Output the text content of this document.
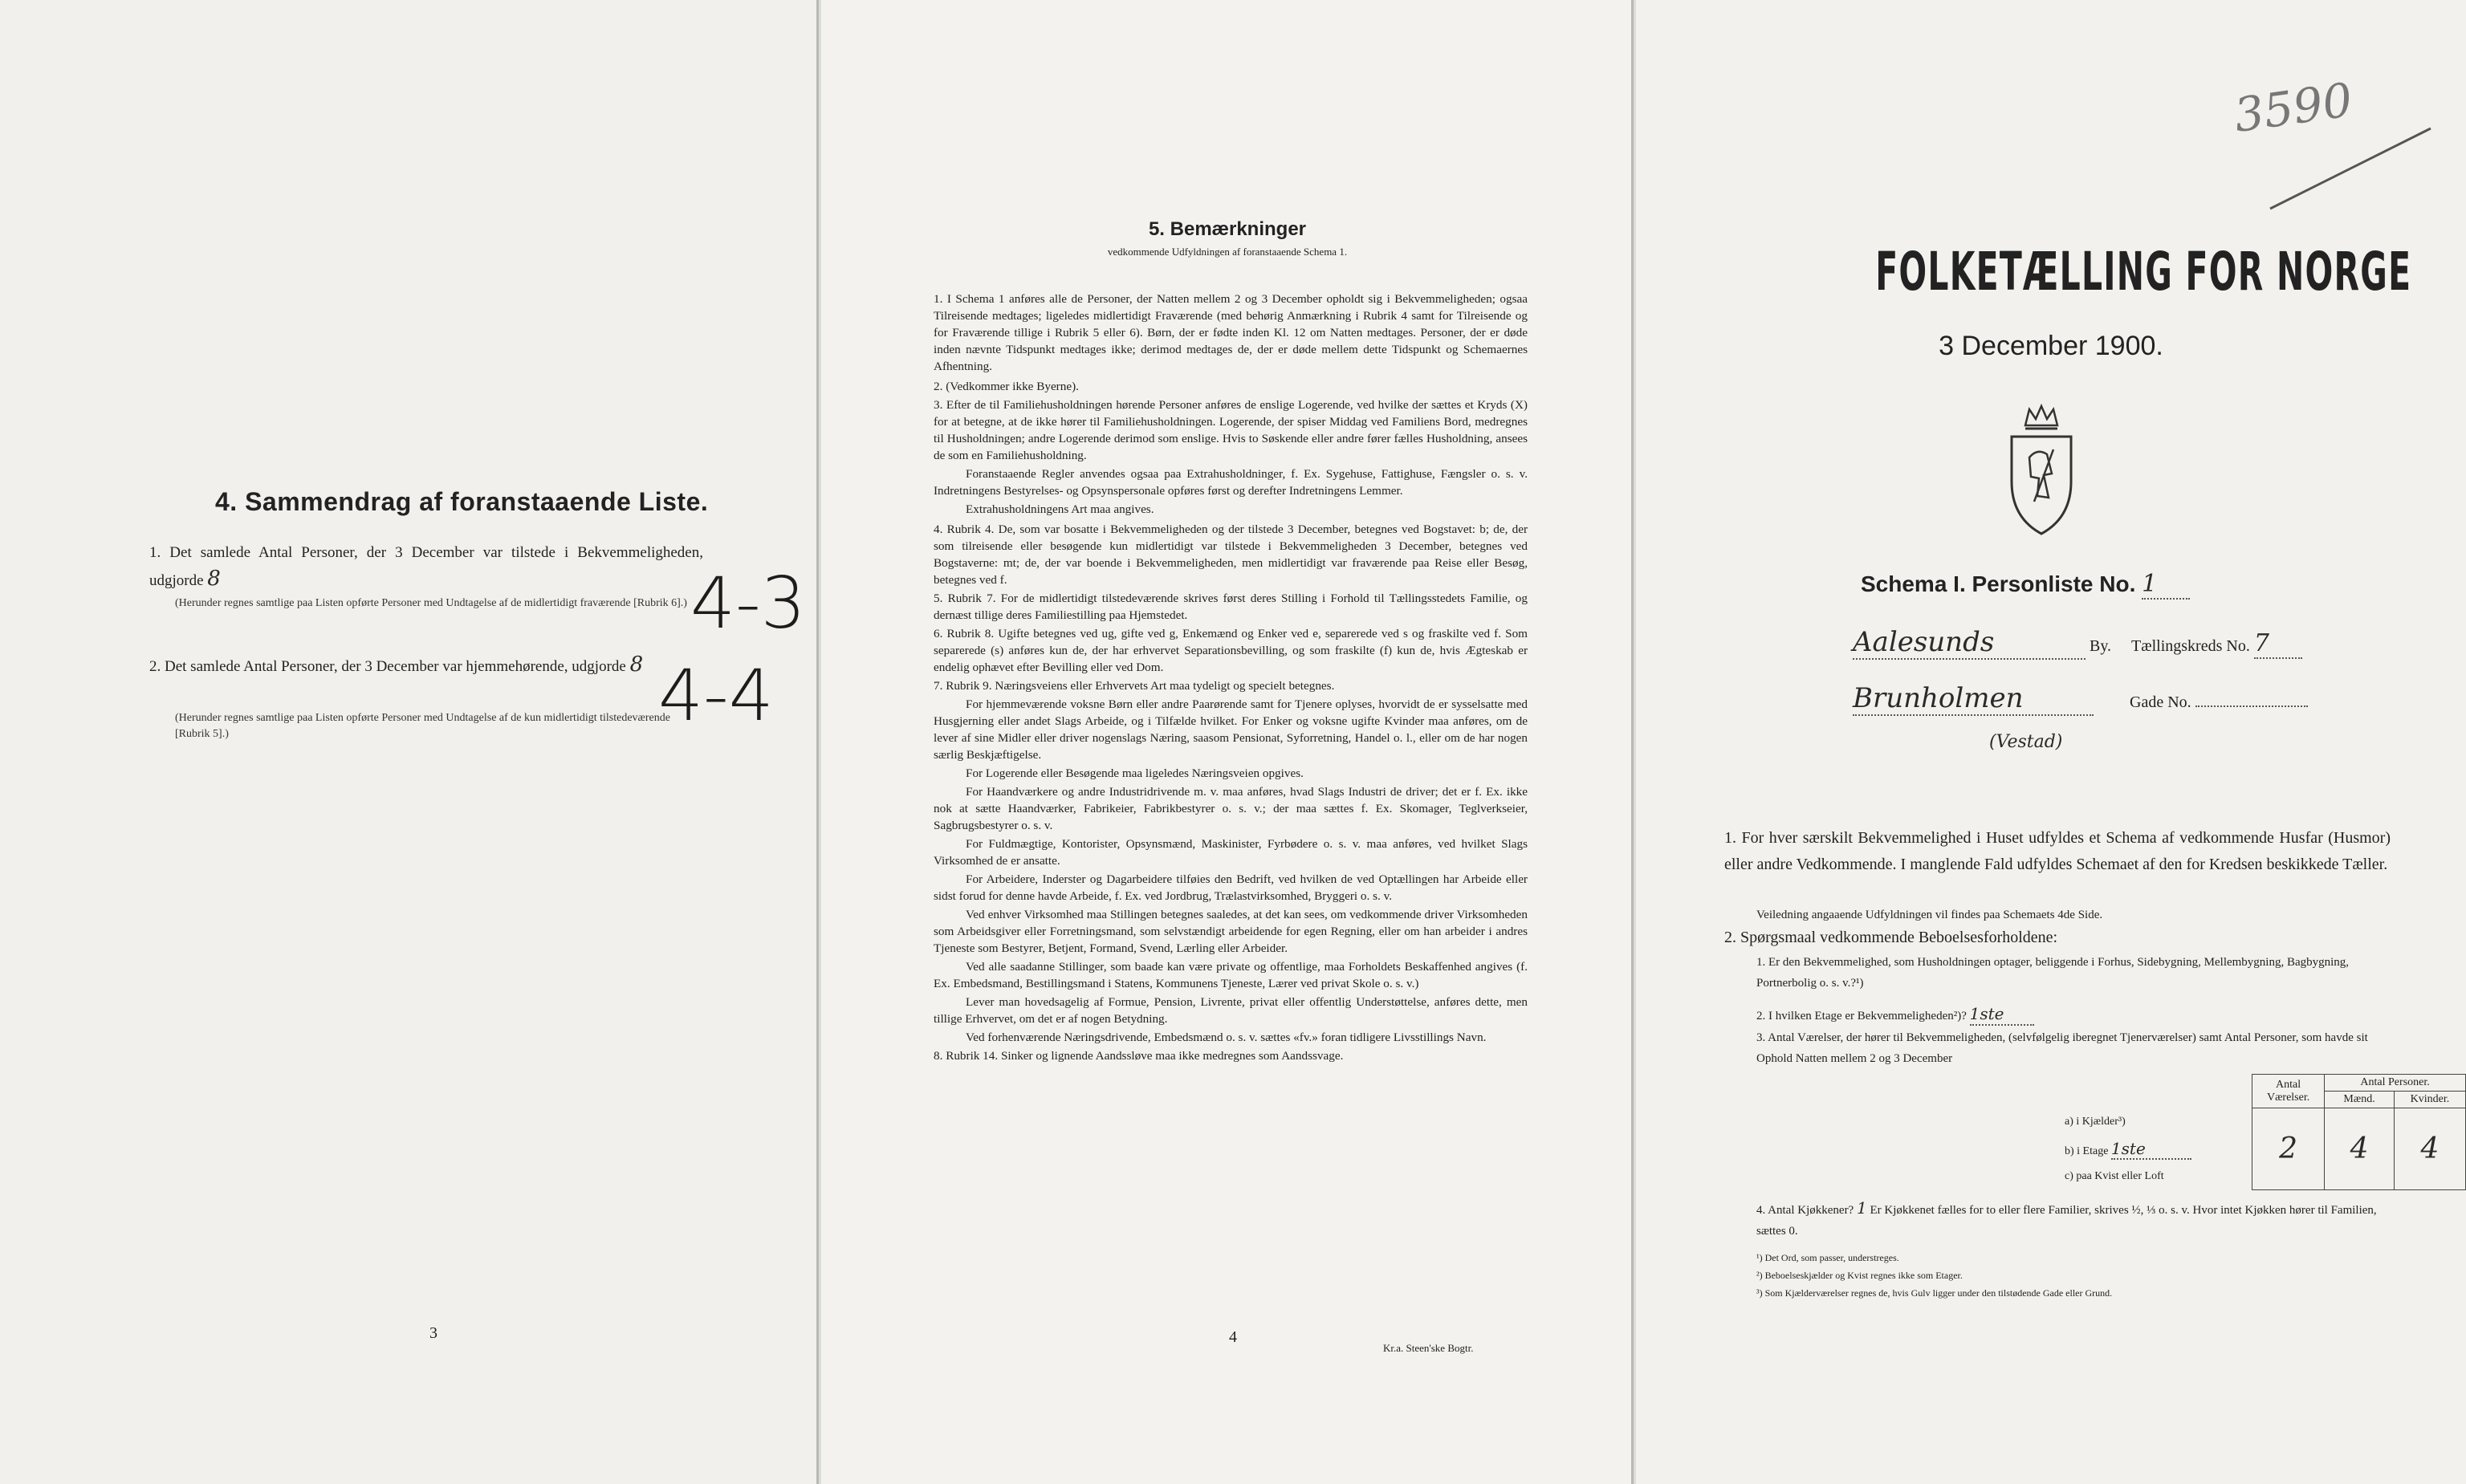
4. Sammendrag af foranstaaende Liste.
1. Det samlede Antal Personer, der 3 December var tilstede i Bekvemmeligheden, udgjorde 8
(Herunder regnes samtlige paa Listen opførte Personer med Undtagelse af de midlertidigt fraværende [Rubrik 6].) 4-3
2. Det samlede Antal Personer, der 3 December var hjemmehørende, udgjorde 8
(Herunder regnes samtlige paa Listen opførte Personer med Undtagelse af de kun midlertidigt tilstedeværende [Rubrik 5].)	4-4
3
5. Bemærkninger
vedkommende Udfyldningen af foranstaaende Schema 1.

1. I Schema 1 anføres alle de Personer, der Natten mellem 2 og 3 December opholdt sig i Bekvemmeligheden; ogsaa Tilreisende medtages; ligeledes midlertidigt Fraværende (med behørig Anmærkning i Rubrik 4 samt for Tilreisende og for Fraværende tillige i Rubrik 5 eller 6). Børn, der er fødte inden Kl. 12 om Natten medtages. Personer, der er døde inden nævnte Tidspunkt medtages ikke; derimod medtages de, der er døde mellem dette Tidspunkt og Schemaernes Afhentning.

2. (Vedkommer ikke Byerne).

3. Efter de til Familiehusholdningen hørende Personer anføres de enslige Logerende, ved hvilke der sættes et Kryds (X) for at betegne, at de ikke hører til Familiehusholdningen. Logerende, der spiser Middag ved Familiens Bord, medregnes til Husholdningen; andre Logerende derimod som enslige. Hvis to Søskende eller andre fører fælles Husholdning, ansees de som en Familiehusholdning.

Foranstaaende Regler anvendes ogsaa paa Extrahusholdninger, f. Ex. Sygehuse, Fattighuse, Fængsler o. s. v. Indretningens Bestyrelses- og Opsynspersonale opføres først og derefter Indretningens Lemmer.

Extrahusholdningens Art maa angives.

4. Rubrik 4. De, som var bosatte i Bekvemmeligheden og der tilstede 3 December, betegnes ved Bogstavet: b; de, der som tilreisende eller besøgende kun midlertidigt var tilstede i Bekvemmeligheden 3 December, betegnes ved Bogstaverne: mt; de, der var boende i Bekvemmeligheden, men midlertidigt var fraværende paa Reise eller Besøg, betegnes ved f.

5. Rubrik 7. For de midlertidigt tilstedeværende skrives først deres Stilling i Forhold til Tællingsstedets Familie, og dernæst tillige deres Familiestilling paa Hjemstedet.

6. Rubrik 8. Ugifte betegnes ved ug, gifte ved g, Enkemænd og Enker ved e, separerede ved s og fraskilte ved f. Som separerede (s) anføres kun de, der har erhvervet Separationsbevilling, og som fraskilte (f) kun de, hvis Ægteskab er endelig ophævet efter Bevilling eller ved Dom.

7. Rubrik 9. Næringsveiens eller Erhvervets Art maa tydeligt og specielt betegnes.

For hjemmeværende voksne Børn eller andre Paarørende samt for Tjenere oplyses, hvorvidt de er sysselsatte med Husgjerning eller andet Slags Arbeide, og i Tilfælde hvilket. For Enker og voksne ugifte Kvinder maa anføres, om de lever af sine Midler eller driver nogenslags Næring, saasom Pensionat, Syforretning, Handel o. l., eller om de har nogen særlig Beskjæftigelse.

For Logerende eller Besøgende maa ligeledes Næringsveien opgives.

For Haandværkere og andre Industridrivende m. v. maa anføres, hvad Slags Industri de driver; det er f. Ex. ikke nok at sætte Haandværker, Fabrikeier, Fabrikbestyrer o. s. v.; der maa sættes f. Ex. Skomager, Teglverkseier, Sagbrugsbestyrer o. s. v.

For Fuldmægtige, Kontorister, Opsynsmænd, Maskinister, Fyrbødere o. s. v. maa anføres, ved hvilket Slags Virksomhed de er ansatte.

For Arbeidere, Inderster og Dagarbeidere tilføies den Bedrift, ved hvilken de ved Optællingen har Arbeide eller sidst forud for denne havde Arbeide, f. Ex. ved Jordbrug, Trælastvirksomhed, Bryggeri o. s. v.

Ved enhver Virksomhed maa Stillingen betegnes saaledes, at det kan sees, om vedkommende driver Virksomheden som Arbeidsgiver eller Forretningsmand, som selvstændigt arbeidende for egen Regning, eller om han arbeider i andres Tjeneste som Bestyrer, Betjent, Formand, Svend, Lærling eller Arbeider.

Ved alle saadanne Stillinger, som baade kan være private og offentlige, maa Forholdets Beskaffenhed angives (f. Ex. Embedsmand, Bestillingsmand i Statens, Kommunens Tjeneste, Lærer ved privat Skole o. s. v.)

Lever man hovedsagelig af Formue, Pension, Livrente, privat eller offentlig Understøttelse, anføres dette, men tillige Erhvervet, om det er af nogen Betydning.

Ved forhenværende Næringsdrivende, Embedsmænd o. s. v. sættes «fv.» foran tidligere Livsstillings Navn.

8. Rubrik 14. Sinker og lignende Aandssløve maa ikke medregnes som Aandssvage.

4
Kr.a. Steen'ske Bogtr.
3590
FOLKETÆLLING FOR NORGE
3 December 1900.
Schema I. Personliste No. 1
Aalesunds	By. Tællingskreds No. 7
Brunholmen	Gade No.
(Vestad)
1. For hver særskilt Bekvemmelighed i Huset udfyldes et Schema af vedkommende Husfar (Husmor) eller andre Vedkommende. I manglende Fald udfyldes Schemaet af den for Kredsen beskikkede Tæller.
Veiledning angaaende Udfyldningen vil findes paa Schemaets 4de Side.
2. Spørgsmaal vedkommende Beboelsesforholdene:
1. Er den Bekvemmelighed, som Husholdningen optager, beliggende i Forhus, Sidebygning, Mellembygning, Bagbygning, Portnerbolig o. s. v.?¹)
2. I hvilken Etage er Bekvemmeligheden²)? 1ste
3. Antal Værelser, der hører til Bekvemmeligheden, (selvfølgelig iberegnet Tjenerværelser) samt Antal Personer, som havde sit Ophold Natten mellem 2 og 3 December
	Antal Værelser.	Antal Personer.	
		Mænd.	Kvinder.
a) i Kjælder³)	2	4	4
b) i Etage 1ste			
c) paa Kvist eller Loft			
4. Antal Kjøkkener? 1 Er Kjøkkenet fælles for to eller flere Familier, skrives ½, ⅓ o. s. v. Hvor intet Kjøkken hører til Familien, sættes 0.
¹) Det Ord, som passer, understreges.
²) Beboelseskjælder og Kvist regnes ikke som Etager.
³) Som Kjælderværelser regnes de, hvis Gulv ligger under den tilstødende Gade eller Grund.
